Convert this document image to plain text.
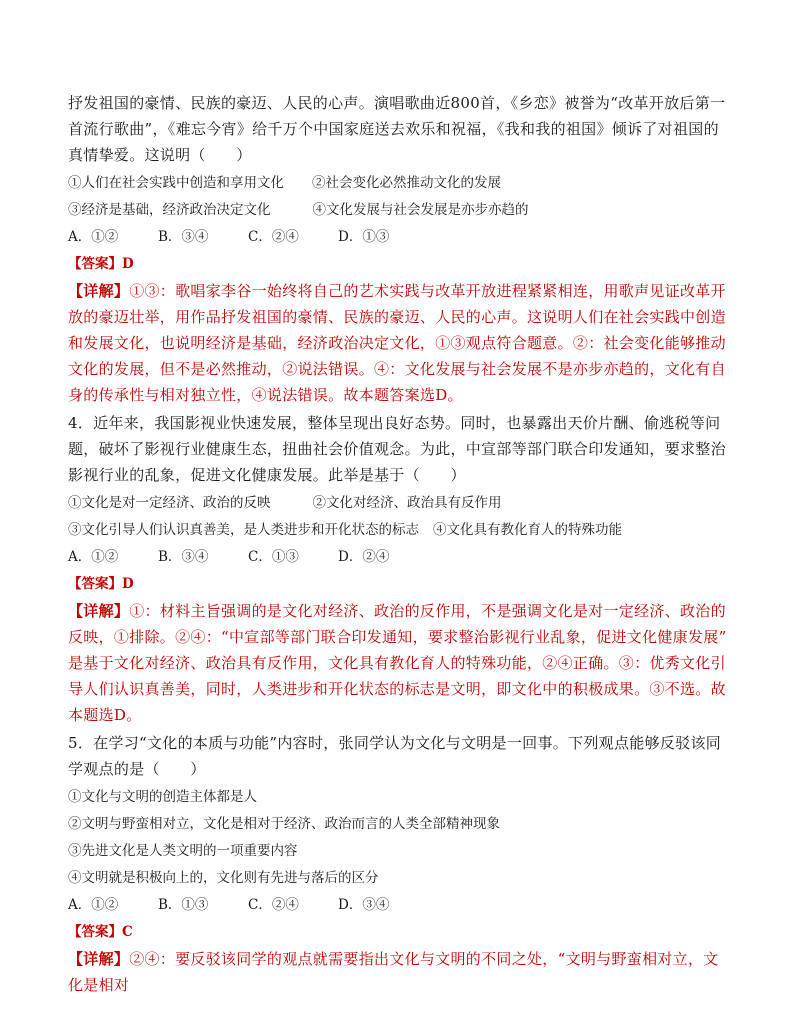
抒发祖国的豪情、民族的豪迈、人民的心声。演唱歌曲近800首，《乡恋》被誉为“改革开放后第一首流行歌曲”，《难忘今宵》给千万个中国家庭送去欢乐和祝福，《我和我的祖国》倾诉了对祖国的真情挚爱。这说明（　　）

①人们在社会实践中创造和享用文化 ②社会变化必然推动文化的发展

③经济是基础，经济政治决定文化	④文化发展与社会发展是亦步亦趋的

A．①②	B．③④	C．②④	D．①③

【答案】D

【详解】①③：歌唱家李谷一始终将自己的艺术实践与改革开放进程紧紧相连，用歌声见证改革开放的豪迈壮举，用作品抒发祖国的豪情、民族的豪迈、人民的心声。这说明人们在社会实践中创造和发展文化，也说明经济是基础，经济政治决定文化，①③观点符合题意。②：社会变化能够推动文化的发展，但不是必然推动，②说法错误。④：文化发展与社会发展不是亦步亦趋的，文化有自身的传承性与相对独立性，④说法错误。故本题答案选D。

4．近年来，我国影视业快速发展，整体呈现出良好态势。同时，也暴露出天价片酬、偷逃税等问题，破坏了影视行业健康生态，扭曲社会价值观念。为此，中宣部等部门联合印发通知，要求整治影视行业的乱象，促进文化健康发展。此举是基于（　　）

①文化是对一定经济、政治的反映	②文化对经济、政治具有反作用

③文化引导人们认识真善美，是人类进步和开化状态的标志 ④文化具有教化育人的特殊功能

A．①②	B．③④	C．①③	D．②④

【答案】D

【详解】①：材料主旨强调的是文化对经济、政治的反作用，不是强调文化是对一定经济、政治的反映，①排除。②④：“中宣部等部门联合印发通知，要求整治影视行业乱象，促进文化健康发展” 是基于文化对经济、政治具有反作用，文化具有教化育人的特殊功能，②④正确。③：优秀文化引导人们认识真善美，同时，人类进步和开化状态的标志是文明，即文化中的积极成果。③不选。故本题选D。

5．在学习“文化的本质与功能”内容时，张同学认为文化与文明是一回事。下列观点能够反驳该同学观点的是（　　）

①文化与文明的创造主体都是人

②文明与野蛮相对立，文化是相对于经济、政治而言的人类全部精神现象

③先进文化是人类文明的一项重要内容

④文明就是积极向上的，文化则有先进与落后的区分

A．①②	B．①③	C．②④	D．③④

【答案】C

【详解】②④：要反驳该同学的观点就需要指出文化与文明的不同之处，“文明与野蛮相对立，文化是相对
